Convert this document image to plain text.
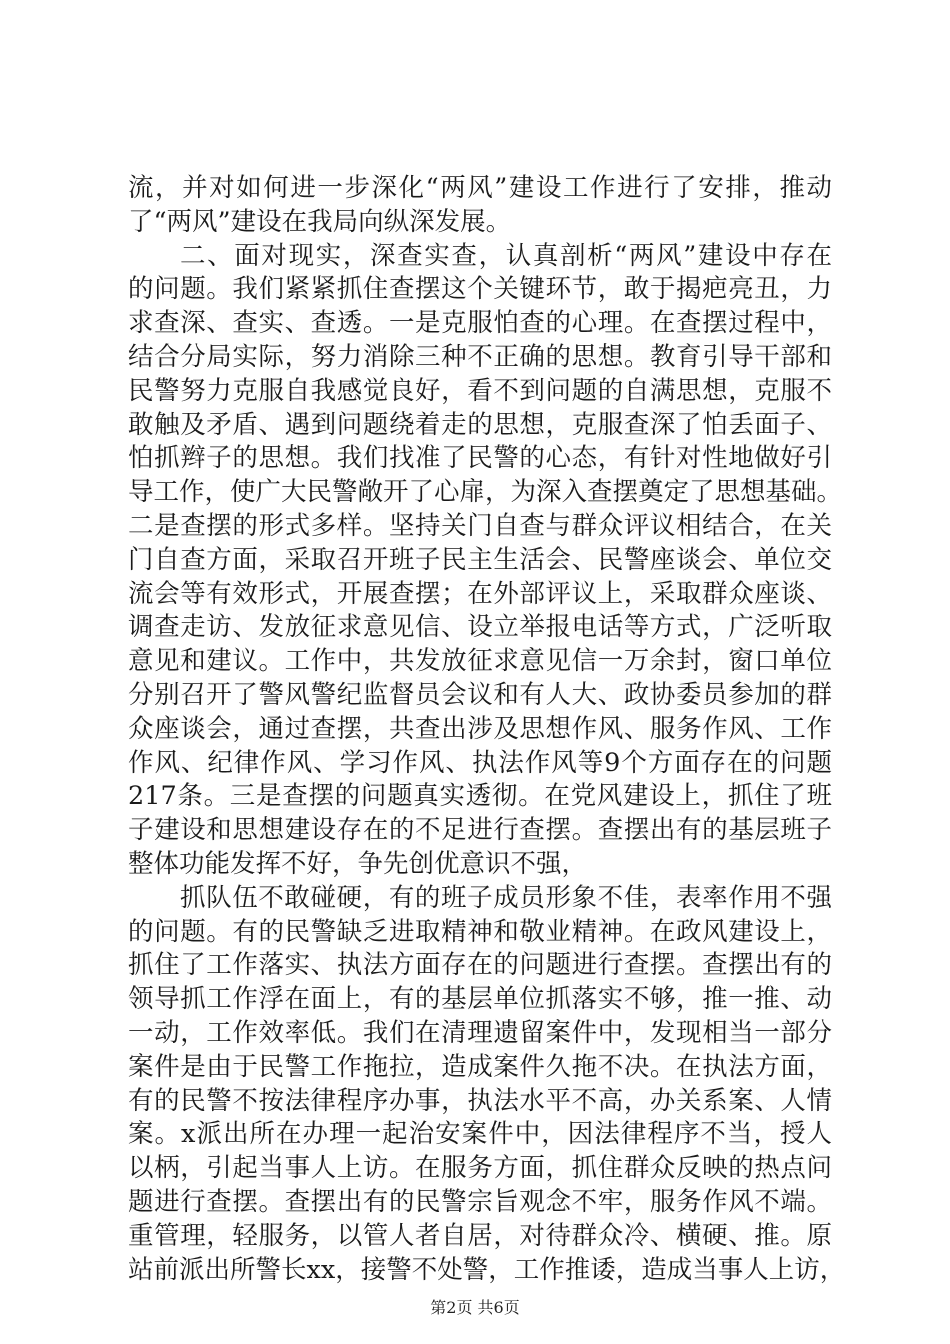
流，并对如何进一步深化“两风”建设工作进行了安排，推动
了“两风”建设在我局向纵深发展。
二、面对现实，深查实查，认真剖析“两风”建设中存在
的问题。我们紧紧抓住查摆这个关键环节，敢于揭疤亮丑，力
求查深、查实、查透。一是克服怕查的心理。在查摆过程中，
结合分局实际，努力消除三种不正确的思想。教育引导干部和
民警努力克服自我感觉良好，看不到问题的自满思想，克服不
敢触及矛盾、遇到问题绕着走的思想，克服查深了怕丢面子、
怕抓辫子的思想。我们找准了民警的心态，有针对性地做好引
导工作，使广大民警敞开了心扉，为深入查摆奠定了思想基础。
二是查摆的形式多样。坚持关门自查与群众评议相结合，在关
门自查方面，采取召开班子民主生活会、民警座谈会、单位交
流会等有效形式，开展查摆；在外部评议上，采取群众座谈、
调查走访、发放征求意见信、设立举报电话等方式，广泛听取
意见和建议。工作中，共发放征求意见信一万余封，窗口单位
分别召开了警风警纪监督员会议和有人大、政协委员参加的群
众座谈会，通过查摆，共查出涉及思想作风、服务作风、工作
作风、纪律作风、学习作风、执法作风等9个方面存在的问题
217条。三是查摆的问题真实透彻。在党风建设上，抓住了班
子建设和思想建设存在的不足进行查摆。查摆出有的基层班子
整体功能发挥不好，争先创优意识不强，
抓队伍不敢碰硬，有的班子成员形象不佳，表率作用不强
的问题。有的民警缺乏进取精神和敬业精神。在政风建设上，
抓住了工作落实、执法方面存在的问题进行查摆。查摆出有的
领导抓工作浮在面上，有的基层单位抓落实不够，推一推、动
一动，工作效率低。我们在清理遗留案件中，发现相当一部分
案件是由于民警工作拖拉，造成案件久拖不决。在执法方面，
有的民警不按法律程序办事，执法水平不高，办关系案、人情
案。x派出所在办理一起治安案件中，因法律程序不当，授人
以柄，引起当事人上访。在服务方面，抓住群众反映的热点问
题进行查摆。查摆出有的民警宗旨观念不牢，服务作风不端。
重管理，轻服务，以管人者自居，对待群众冷、横硬、推。原
站前派出所警长xx，接警不处警，工作推诿，造成当事人上访，
第2页 共6页
